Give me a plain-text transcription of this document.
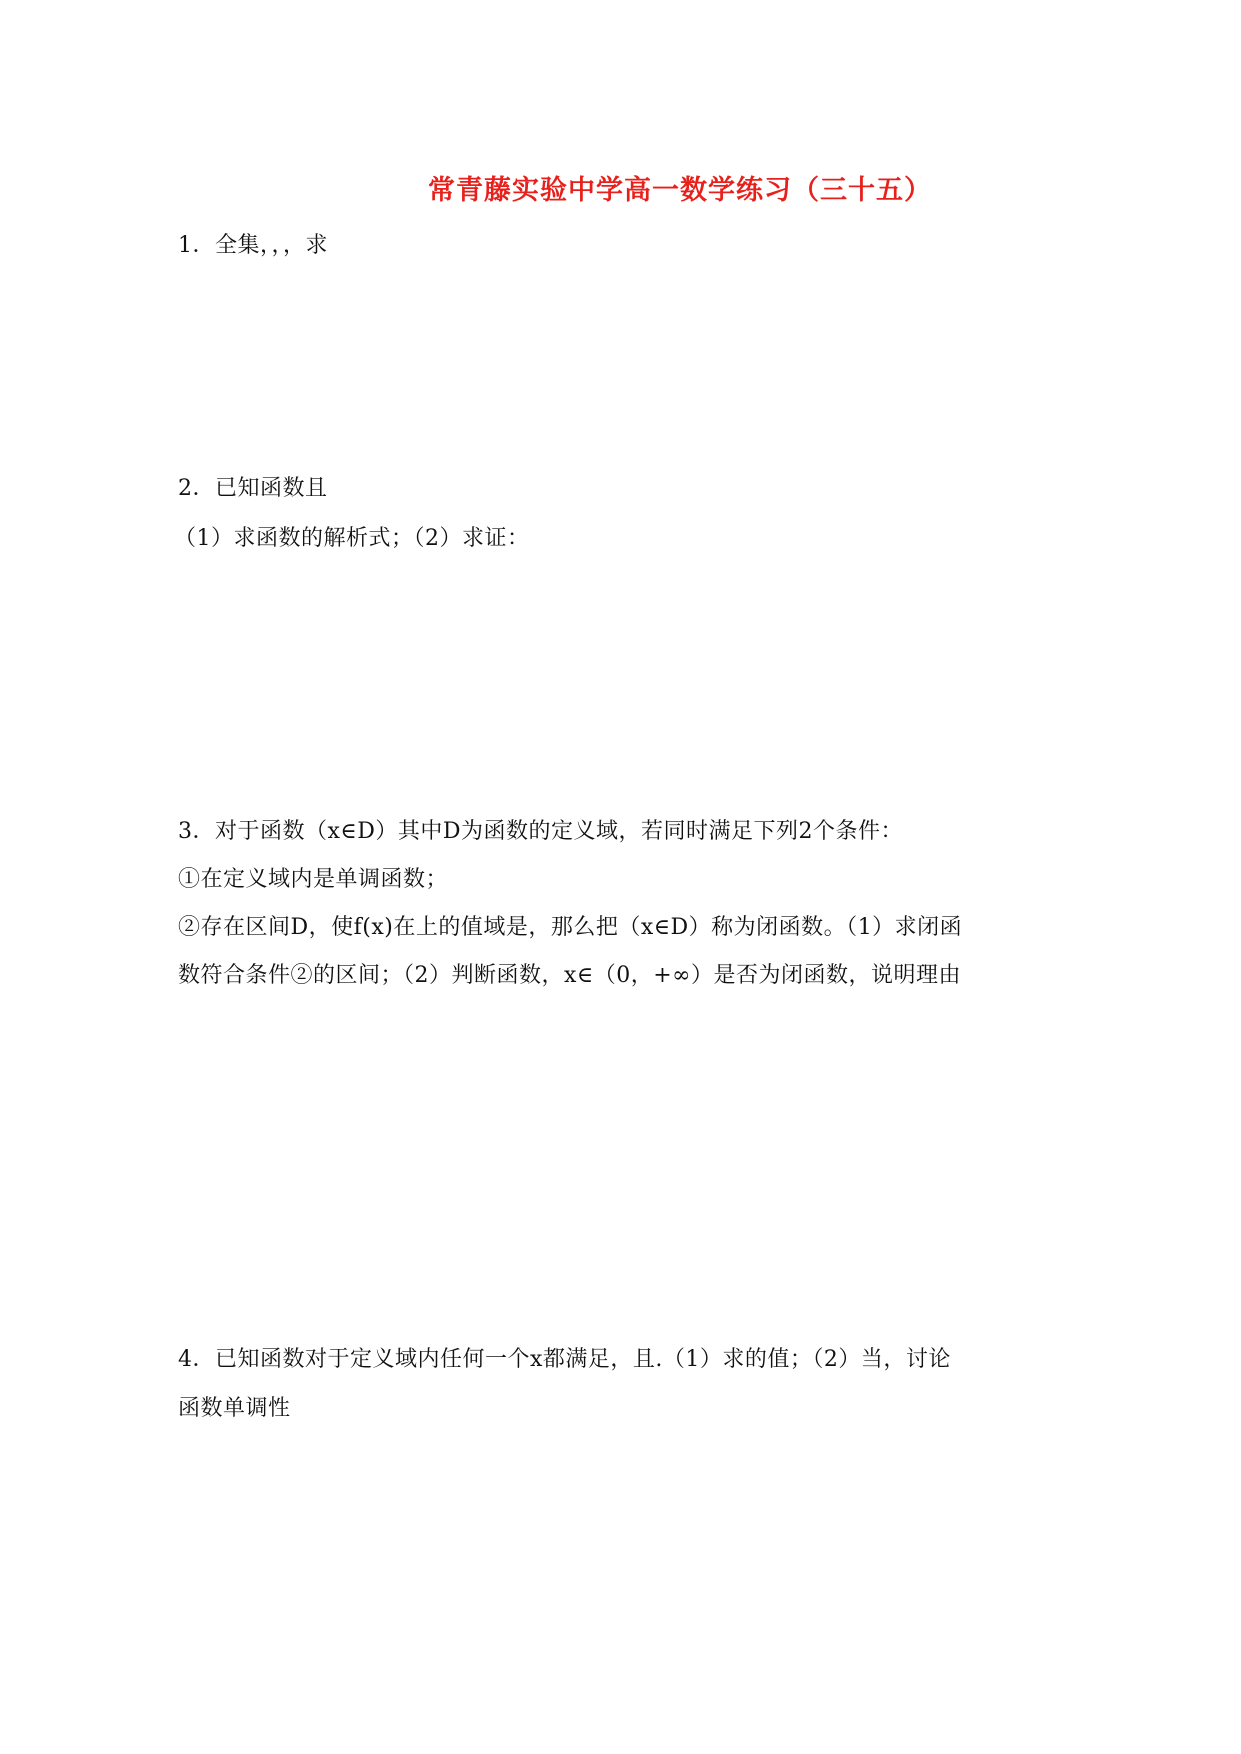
常青藤实验中学高一数学练习（三十五）
1．全集，，，求
2．已知函数且
（1）求函数的解析式；（2）求证：
3．对于函数（x∈D）其中D为函数的定义域，若同时满足下列2个条件：
①在定义域内是单调函数；
②存在区间D，使f(x)在上的值域是，那么把（x∈D）称为闭函数。（1）求闭函
数符合条件②的区间；（2）判断函数，x∈（0，+∞）是否为闭函数，说明理由
4．已知函数对于定义域内任何一个x都满足，且.（1）求的值；（2）当，讨论
函数单调性
